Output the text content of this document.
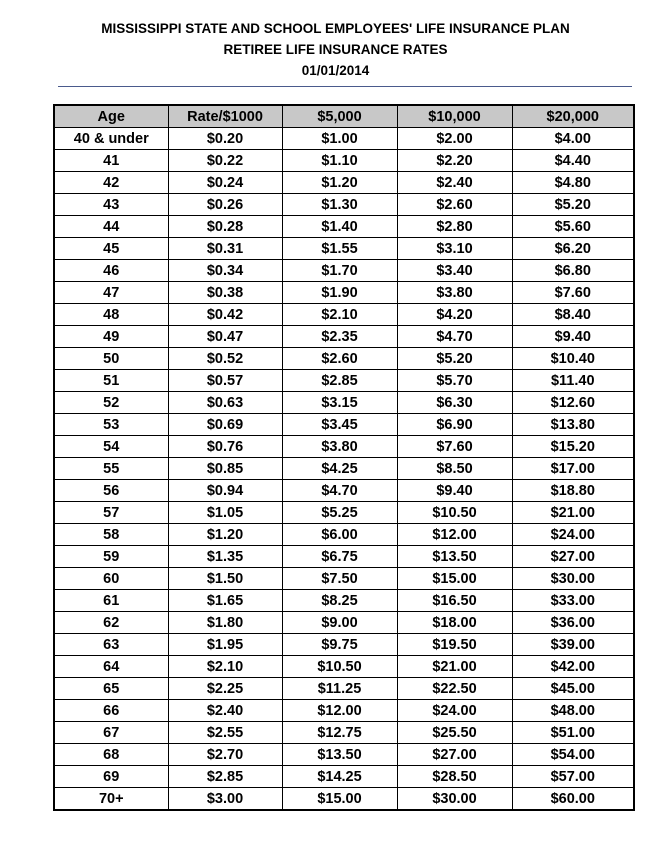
MISSISSIPPI STATE AND SCHOOL EMPLOYEES' LIFE INSURANCE PLAN
RETIREE LIFE INSURANCE RATES
01/01/2014
Age	Rate/$1000	$5,000	$10,000	$20,000
40 & under	$0.20	$1.00	$2.00	$4.00
41	$0.22	$1.10	$2.20	$4.40
42	$0.24	$1.20	$2.40	$4.80
43	$0.26	$1.30	$2.60	$5.20
44	$0.28	$1.40	$2.80	$5.60
45	$0.31	$1.55	$3.10	$6.20
46	$0.34	$1.70	$3.40	$6.80
47	$0.38	$1.90	$3.80	$7.60
48	$0.42	$2.10	$4.20	$8.40
49	$0.47	$2.35	$4.70	$9.40
50	$0.52	$2.60	$5.20	$10.40
51	$0.57	$2.85	$5.70	$11.40
52	$0.63	$3.15	$6.30	$12.60
53	$0.69	$3.45	$6.90	$13.80
54	$0.76	$3.80	$7.60	$15.20
55	$0.85	$4.25	$8.50	$17.00
56	$0.94	$4.70	$9.40	$18.80
57	$1.05	$5.25	$10.50	$21.00
58	$1.20	$6.00	$12.00	$24.00
59	$1.35	$6.75	$13.50	$27.00
60	$1.50	$7.50	$15.00	$30.00
61	$1.65	$8.25	$16.50	$33.00
62	$1.80	$9.00	$18.00	$36.00
63	$1.95	$9.75	$19.50	$39.00
64	$2.10	$10.50	$21.00	$42.00
65	$2.25	$11.25	$22.50	$45.00
66	$2.40	$12.00	$24.00	$48.00
67	$2.55	$12.75	$25.50	$51.00
68	$2.70	$13.50	$27.00	$54.00
69	$2.85	$14.25	$28.50	$57.00
70+	$3.00	$15.00	$30.00	$60.00
